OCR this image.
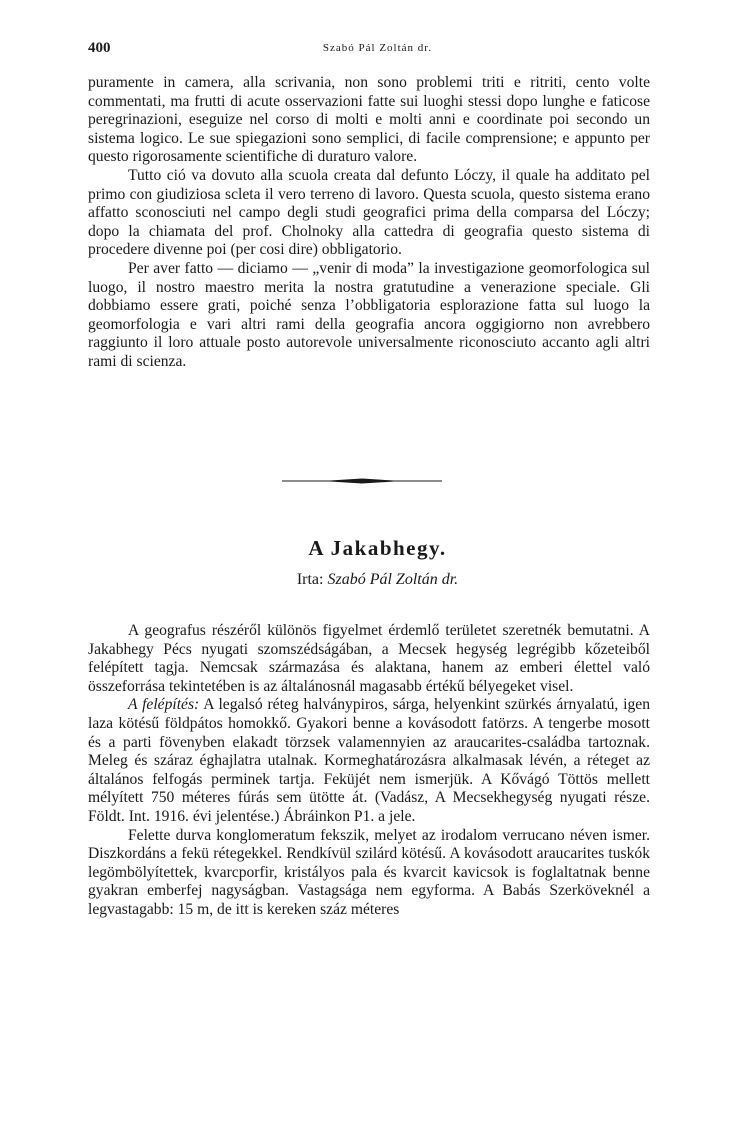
400	Szabó Pál Zoltán dr.

puramente in camera, alla scrivania, non sono problemi triti e ritriti, cento volte commentati, ma frutti di acute osservazioni fatte sui luoghi stessi dopo lunghe e faticose peregrinazioni, eseguize nel corso di molti e molti anni e coordinate poi secondo un sistema logico. Le sue spiegazioni sono semplici, di facile comprensione; e appunto per questo rigorosamente scientifiche di duraturo valore.

Tutto ció va dovuto alla scuola creata dal defunto Lóczy, il quale ha additato pel primo con giudiziosa scleta il vero terreno di lavoro. Questa scuola, questo sistema erano affatto sconosciuti nel campo degli studi geografici prima della comparsa del Lóczy; dopo la chiamata del prof. Cholnoky alla cattedra di geografia questo sistema di procedere divenne poi (per cosi dire) obbligatorio.

Per aver fatto — diciamo — „venir di moda” la investigazione geomorfologica sul luogo, il nostro maestro merita la nostra gratutudine a venerazione speciale. Gli dobbiamo essere grati, poiché senza l’obbligatoria esplorazione fatta sul luogo la geomorfologia e vari altri rami della geografia ancora oggigiorno non avrebbero raggiunto il loro attuale posto autorevole universalmente riconosciuto accanto agli altri rami di scienza.

A Jakabhegy.
Irta: Szabó Pál Zoltán dr.

A geografus részéről különös figyelmet érdemlő területet szeretnék bemutatni. A Jakabhegy Pécs nyugati szomszédságában, a Mecsek hegység legrégibb kőzeteiből felépített tagja. Nemcsak származása és alaktana, hanem az emberi élettel való összeforrása tekintetében is az általánosnál magasabb értékű bélyegeket visel.

A felépítés: A legalsó réteg halványpiros, sárga, helyenkint szürkés árnyalatú, igen laza kötésű földpátos homokkő. Gyakori benne a kovásodott fatörzs. A tengerbe mosott és a parti fövenyben elakadt törzsek valamennyien az araucarites-családba tartoznak. Meleg és száraz éghajlatra utalnak. Kormeghatározásra alkalmasak lévén, a réteget az általános felfogás perminek tartja. Feküjét nem ismerjük. A Kővágó Töttös mellett mélyített 750 méteres fúrás sem ütötte át. (Vadász, A Mecsekhegység nyugati része. Földt. Int. 1916. évi jelentése.) Ábráinkon P1. a jele.

Felette durva konglomeratum fekszik, melyet az irodalom verrucano néven ismer. Diszkordáns a fekü rétegekkel. Rendkívül szilárd kötésű. A kovásodott araucarites tuskók legömbölyítettek, kvarcporfir, kristályos pala és kvarcit kavicsok is foglaltatnak benne gyakran emberfej nagyságban. Vastagsága nem egyforma. A Babás Szerköveknél a legvastagabb: 15 m, de itt is kereken száz méteres
